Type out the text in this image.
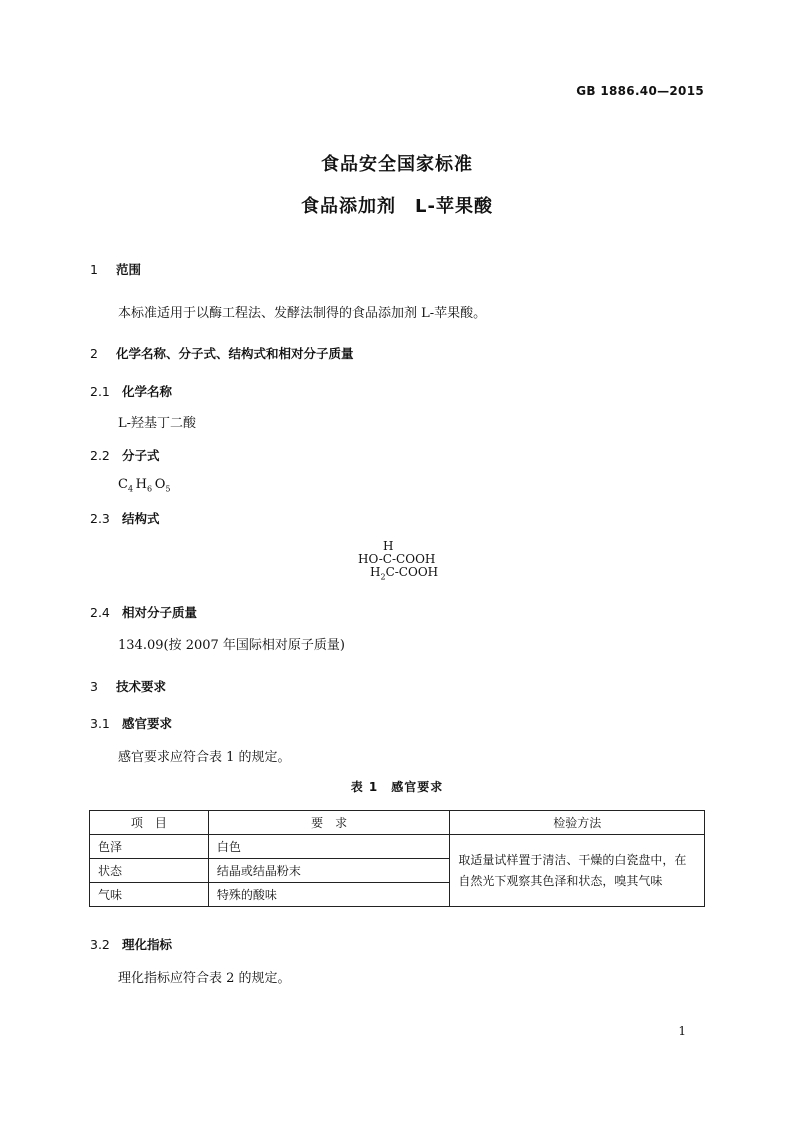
GB 1886.40—2015
食品安全国家标准
食品添加剂　L-苹果酸
1 范围
本标准适用于以酶工程法、发酵法制得的食品添加剂 L-苹果酸。
2 化学名称、分子式、结构式和相对分子质量
2.1 化学名称
L-羟基丁二酸
2.2 分子式
$C_4$  $H_6$  $O_5$
2.3 结构式
H
HO-C-COOH
$H_2C$-COOH
2.4 相对分子质量
134.09(按 2007 年国际相对原子质量)
3 技术要求
3.1 感官要求
感官要求应符合表 1 的规定。
表 1　感官要求
项　目	要　求	检验方法
色泽	白色	取适量试样置于清洁、干燥的白瓷盘中，在自然光下观察其色泽和状态，嗅其气味
状态	结晶或结晶粉末	
气味	特殊的酸味	
3.2 理化指标
理化指标应符合表 2 的规定。
1
